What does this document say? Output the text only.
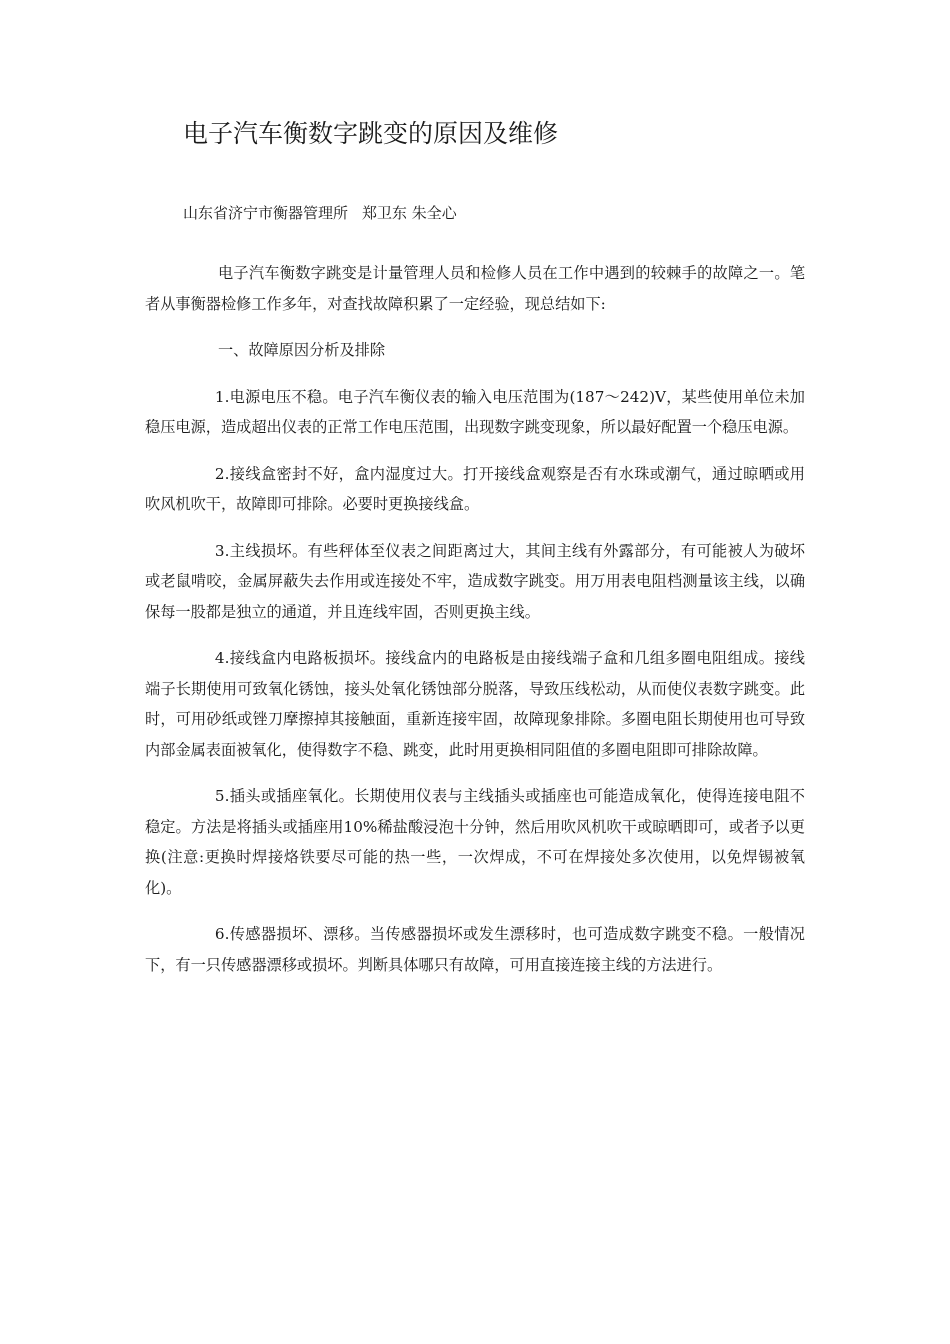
电子汽车衡数字跳变的原因及维修
山东省济宁市衡器管理所 郑卫东 朱全心

电子汽车衡数字跳变是计量管理人员和检修人员在工作中遇到的较棘手的故障之一。笔者从事衡器检修工作多年，对查找故障积累了一定经验，现总结如下:

一、故障原因分析及排除

1.电源电压不稳。电子汽车衡仪表的输入电压范围为(187～242)V，某些使用单位未加稳压电源，造成超出仪表的正常工作电压范围，出现数字跳变现象，所以最好配置一个稳压电源。

2.接线盒密封不好，盒内湿度过大。打开接线盒观察是否有水珠或潮气，通过晾晒或用吹风机吹干，故障即可排除。必要时更换接线盒。

3.主线损坏。有些秤体至仪表之间距离过大，其间主线有外露部分，有可能被人为破坏或老鼠啃咬，金属屏蔽失去作用或连接处不牢，造成数字跳变。用万用表电阻档测量该主线，以确保每一股都是独立的通道，并且连线牢固，否则更换主线。

4.接线盒内电路板损坏。接线盒内的电路板是由接线端子盒和几组多圈电阻组成。接线端子长期使用可致氧化锈蚀，接头处氧化锈蚀部分脱落，导致压线松动，从而使仪表数字跳变。此时，可用砂纸或锉刀摩擦掉其接触面，重新连接牢固，故障现象排除。多圈电阻长期使用也可导致内部金属表面被氧化，使得数字不稳、跳变，此时用更换相同阻值的多圈电阻即可排除故障。

5.插头或插座氧化。长期使用仪表与主线插头或插座也可能造成氧化，使得连接电阻不稳定。方法是将插头或插座用10%稀盐酸浸泡十分钟，然后用吹风机吹干或晾晒即可，或者予以更换(注意:更换时焊接烙铁要尽可能的热一些，一次焊成，不可在焊接处多次使用，以免焊锡被氧化)。

6.传感器损坏、漂移。当传感器损坏或发生漂移时，也可造成数字跳变不稳。一般情况下，有一只传感器漂移或损坏。判断具体哪只有故障，可用直接连接主线的方法进行。
